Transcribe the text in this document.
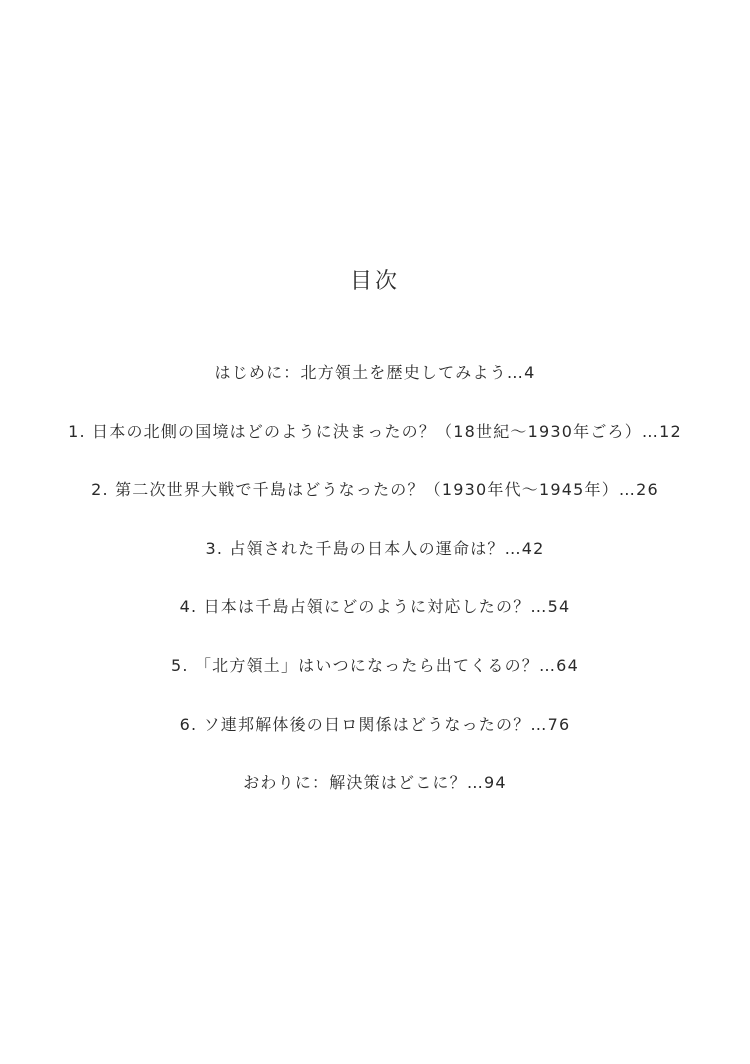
目次
はじめに：北方領土を歴史してみよう…4
1. 日本の北側の国境はどのように決まったの？（18世紀〜1930年ごろ）…12
2. 第二次世界大戦で千島はどうなったの？（1930年代〜1945年）…26
3. 占領された千島の日本人の運命は？…42
4. 日本は千島占領にどのように対応したの？…54
5. 「北方領土」はいつになったら出てくるの？…64
6. ソ連邦解体後の日ロ関係はどうなったの？…76
おわりに：解決策はどこに？…94
